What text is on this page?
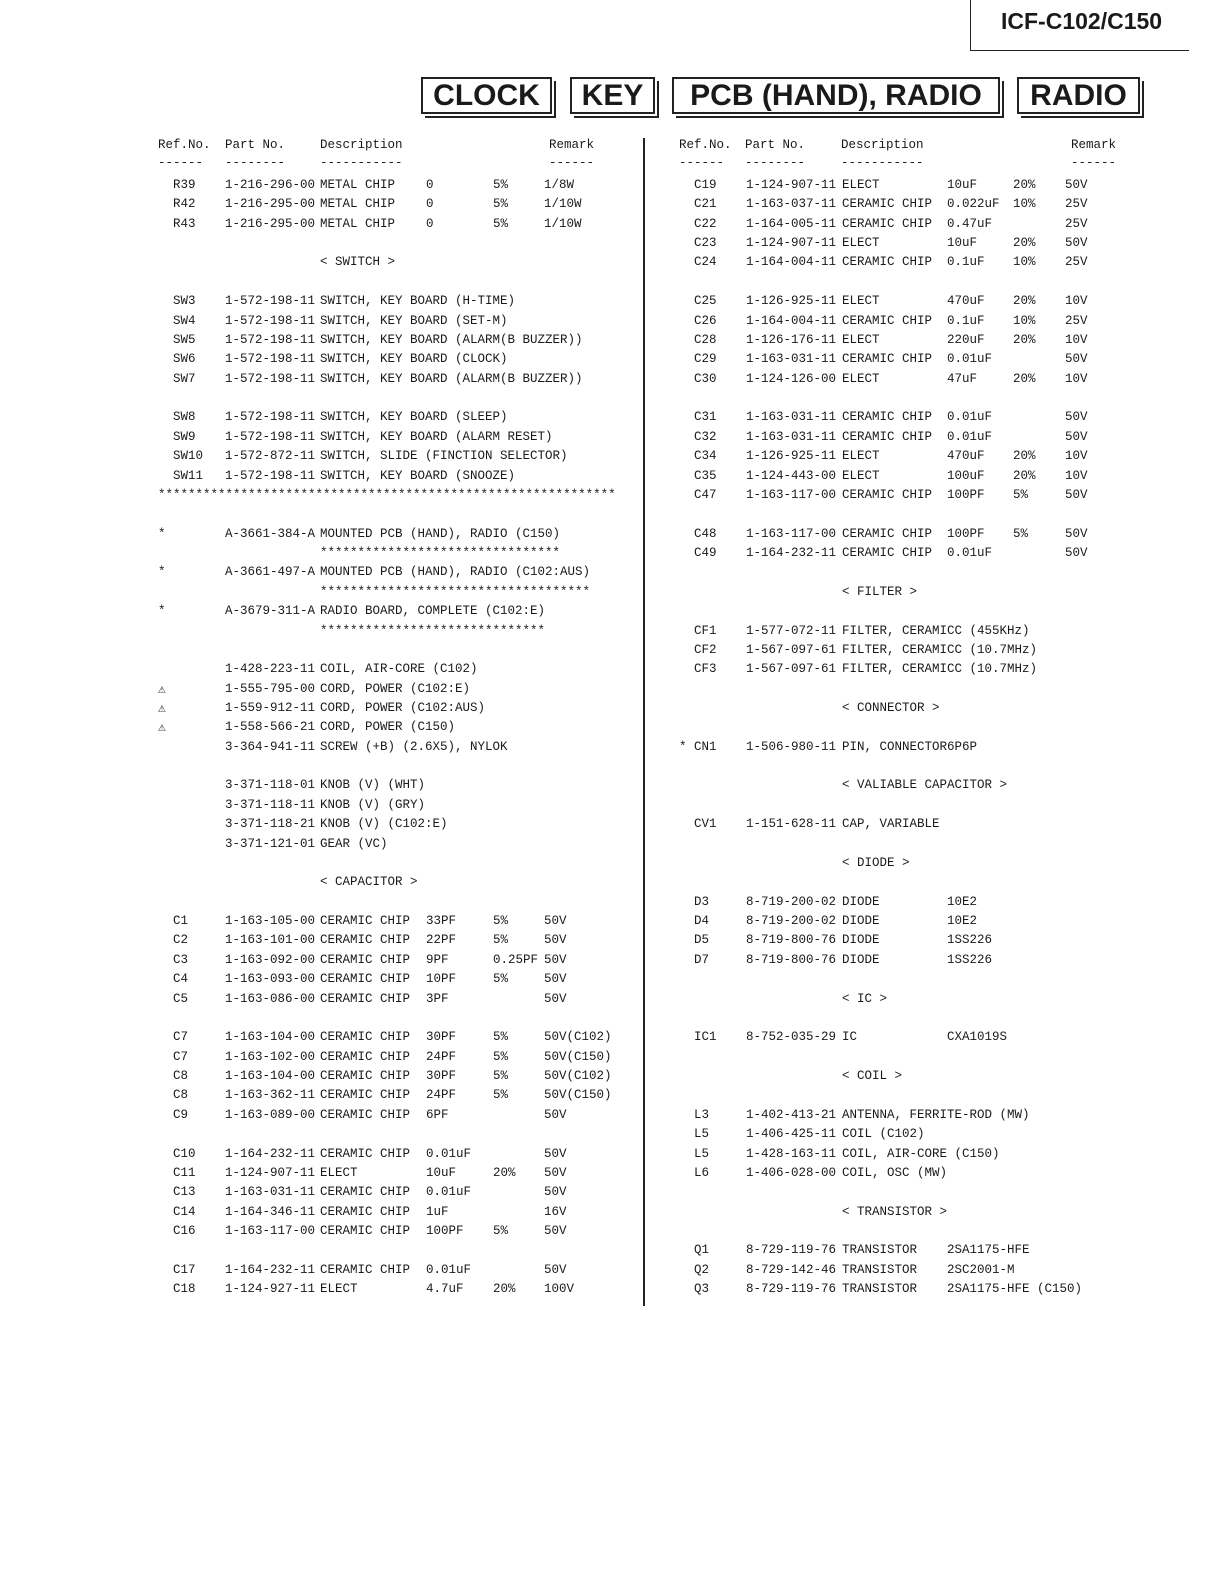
ICF-C102/C150
CLOCK	KEY	PCB (HAND), RADIO	RADIO
Ref.No. Part No.	Description	Remark
------ --------	-----------	------
R39 1-216-296-00 METAL CHIP 0	5%	1/8W
R42 1-216-295-00 METAL CHIP 0	5%	1/10W
R43 1-216-295-00 METAL CHIP 0	5%	1/10W
< SWITCH >
SW3 1-572-198-11 SWITCH, KEY BOARD (H-TIME)
SW4 1-572-198-11 SWITCH, KEY BOARD (SET-M)
SW5 1-572-198-11 SWITCH, KEY BOARD (ALARM(B BUZZER))
SW6 1-572-198-11 SWITCH, KEY BOARD (CLOCK)
SW7 1-572-198-11 SWITCH, KEY BOARD (ALARM(B BUZZER))
SW8 1-572-198-11 SWITCH, KEY BOARD (SLEEP)
SW9 1-572-198-11 SWITCH, KEY BOARD (ALARM RESET)
SW10 1-572-872-11 SWITCH, SLIDE (FINCTION SELECTOR)
SW11 1-572-198-11 SWITCH, KEY BOARD (SNOOZE)
*************************************************************
*	A-3661-384-A MOUNTED PCB (HAND), RADIO (C150)
********************************
*	A-3661-497-A MOUNTED PCB (HAND), RADIO (C102:AUS)
************************************
*	A-3679-311-A RADIO BOARD, COMPLETE (C102:E)
******************************
1-428-223-11 COIL, AIR-CORE (C102)
⚠	1-555-795-00 CORD, POWER (C102:E)
⚠	1-559-912-11 CORD, POWER (C102:AUS)
⚠	1-558-566-21 CORD, POWER (C150)
3-364-941-11 SCREW (+B) (2.6X5), NYLOK
3-371-118-01 KNOB (V) (WHT)
3-371-118-11 KNOB (V) (GRY)
3-371-118-21 KNOB (V) (C102:E)
3-371-121-01 GEAR (VC)
< CAPACITOR >
C1	1-163-105-00 CERAMIC CHIP 33PF	5%	50V
C2	1-163-101-00 CERAMIC CHIP 22PF	5%	50V
C3	1-163-092-00 CERAMIC CHIP 9PF	0.25PF 50V
C4	1-163-093-00 CERAMIC CHIP 10PF	5%	50V
C5	1-163-086-00 CERAMIC CHIP 3PF	50V
C7	1-163-104-00 CERAMIC CHIP 30PF	5%	50V(C102)
C7	1-163-102-00 CERAMIC CHIP 24PF	5%	50V(C150)
C8	1-163-104-00 CERAMIC CHIP 30PF	5%	50V(C102)
C8	1-163-362-11 CERAMIC CHIP 24PF	5%	50V(C150)
C9	1-163-089-00 CERAMIC CHIP 6PF	50V
C10 1-164-232-11 CERAMIC CHIP 0.01uF	50V
C11 1-124-907-11 ELECT	10uF	20% 50V
C13 1-163-031-11 CERAMIC CHIP 0.01uF	50V
C14 1-164-346-11 CERAMIC CHIP 1uF	16V
C16 1-163-117-00 CERAMIC CHIP 100PF 5%	50V
C17 1-164-232-11 CERAMIC CHIP 0.01uF	50V
C18 1-124-927-11 ELECT	4.7uF 20% 100V
Ref.No. Part No.	Description	Remark
------ --------	-----------	------
C19 1-124-907-11 ELECT	10uF	20% 50V
C21 1-163-037-11 CERAMIC CHIP 0.022uF 10% 25V
C22 1-164-005-11 CERAMIC CHIP 0.47uF	25V
C23 1-124-907-11 ELECT	10uF	20% 50V
C24 1-164-004-11 CERAMIC CHIP 0.1uF 10% 25V
C25 1-126-925-11 ELECT	470uF 20% 10V
C26 1-164-004-11 CERAMIC CHIP 0.1uF 10% 25V
C28 1-126-176-11 ELECT	220uF 20% 10V
C29 1-163-031-11 CERAMIC CHIP 0.01uF	50V
C30 1-124-126-00 ELECT	47uF	20% 10V
C31 1-163-031-11 CERAMIC CHIP 0.01uF	50V
C32 1-163-031-11 CERAMIC CHIP 0.01uF	50V
C34 1-126-925-11 ELECT	470uF 20% 10V
C35 1-124-443-00 ELECT	100uF 20% 10V
C47 1-163-117-00 CERAMIC CHIP 100PF 5%	50V
C48 1-163-117-00 CERAMIC CHIP 100PF 5%	50V
C49 1-164-232-11 CERAMIC CHIP 0.01uF	50V
< FILTER >
CF1 1-577-072-11 FILTER, CERAMICC (455KHz)
CF2 1-567-097-61 FILTER, CERAMICC (10.7MHz)
CF3 1-567-097-61 FILTER, CERAMICC (10.7MHz)
< CONNECTOR >
* CN1 1-506-980-11 PIN, CONNECTOR6P6P
< VALIABLE CAPACITOR >
CV1 1-151-628-11 CAP, VARIABLE
< DIODE >
D3	8-719-200-02 DIODE	10E2
D4	8-719-200-02 DIODE	10E2
D5	8-719-800-76 DIODE	1SS226
D7	8-719-800-76 DIODE	1SS226
< IC >
IC1 8-752-035-29 IC	CXA1019S
< COIL >
L3	1-402-413-21 ANTENNA, FERRITE-ROD (MW)
L5	1-406-425-11 COIL (C102)
L5	1-428-163-11 COIL, AIR-CORE (C150)
L6	1-406-028-00 COIL, OSC (MW)
< TRANSISTOR >
Q1	8-729-119-76 TRANSISTOR 2SA1175-HFE
Q2	8-729-142-46 TRANSISTOR 2SC2001-M
Q3	8-729-119-76 TRANSISTOR 2SA1175-HFE (C150)
